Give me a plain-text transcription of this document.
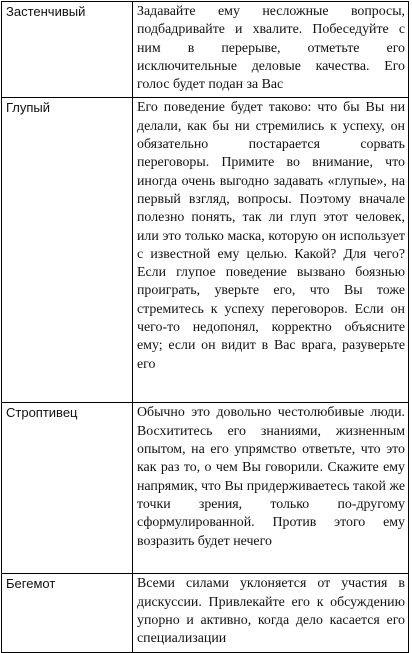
Застенчивый	Задавайте ему несложные вопросы, подбадривайте и хвалите. Побеседуйте с ним в перерыве, отметьте его исключительные деловые качества. Его голос будет подан за Вас
Глупый	Его поведение будет таково: что бы Вы ни делали, как бы ни стремились к успеху, он обязательно постарается сорвать переговоры. Примите во внимание, что иногда очень выгодно задавать «глупые», на первый взгляд, вопросы. Поэтому вначале полезно понять, так ли глуп этот человек, или это только маска, которую он использует с известной ему целью. Какой? Для чего? Если глупое поведение вызвано боязнью проиграть, уверьте его, что Вы тоже стремитесь к успеху переговоров. Если он чего-то недопонял, корректно объясните ему; если он видит в Вас врага, разуверьте его
Строптивец	Обычно это довольно честолюбивые люди. Восхититесь его знаниями, жизненным опытом, на его упрямство ответьте, что это как раз то, о чем Вы говорили. Скажите ему напрямик, что Вы придерживаетесь такой же точки зрения, только по-другому сформулированной. Против этого ему возразить будет нечего
Бегемот	Всеми силами уклоняется от участия в дискуссии. Привлекайте его к обсуждению упорно и активно, когда дело касается его специализации
